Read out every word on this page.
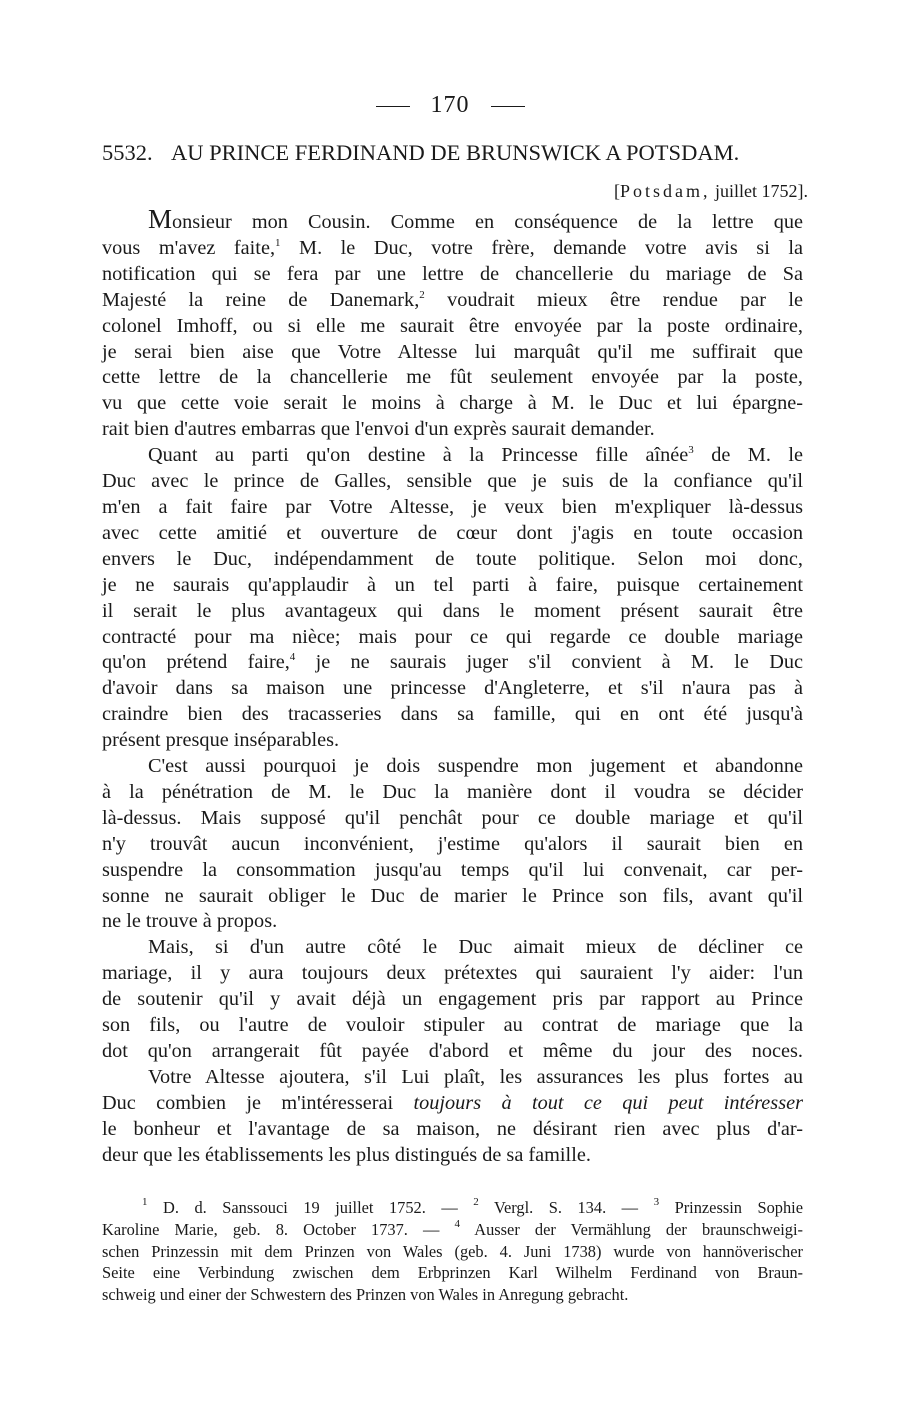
170
5532. AU PRINCE FERDINAND DE BRUNSWICK A POTSDAM.
[Potsdam, juillet 1752].
Monsieur mon Cousin. Comme en conséquence de la lettre que
vous m'avez faite,$^1$ M. le Duc, votre frère, demande votre avis si la
notification qui se fera par une lettre de chancellerie du mariage de Sa
Majesté la reine de Danemark,$^2$ voudrait mieux être rendue par le
colonel Imhoff, ou si elle me saurait être envoyée par la poste ordinaire,
je serai bien aise que Votre Altesse lui marquât qu'il me suffirait que
cette lettre de la chancellerie me fût seulement envoyée par la poste,
vu que cette voie serait le moins à charge à M. le Duc et lui épargne-
rait bien d'autres embarras que l'envoi d'un exprès saurait demander.
Quant au parti qu'on destine à la Princesse fille aînée$^3$ de M. le
Duc avec le prince de Galles, sensible que je suis de la confiance qu'il
m'en a fait faire par Votre Altesse, je veux bien m'expliquer là-dessus
avec cette amitié et ouverture de cœur dont j'agis en toute occasion
envers le Duc, indépendamment de toute politique. Selon moi donc,
je ne saurais qu'applaudir à un tel parti à faire, puisque certainement
il serait le plus avantageux qui dans le moment présent saurait être
contracté pour ma nièce; mais pour ce qui regarde ce double mariage
qu'on prétend faire,$^4$ je ne saurais juger s'il convient à M. le Duc
d'avoir dans sa maison une princesse d'Angleterre, et s'il n'aura pas à
craindre bien des tracasseries dans sa famille, qui en ont été jusqu'à
présent presque inséparables.
C'est aussi pourquoi je dois suspendre mon jugement et abandonne
à la pénétration de M. le Duc la manière dont il voudra se décider
là-dessus. Mais supposé qu'il penchât pour ce double mariage et qu'il
n'y trouvât aucun inconvénient, j'estime qu'alors il saurait bien en
suspendre la consommation jusqu'au temps qu'il lui convenait, car per-
sonne ne saurait obliger le Duc de marier le Prince son fils, avant qu'il
ne le trouve à propos.
Mais, si d'un autre côté le Duc aimait mieux de décliner ce
mariage, il y aura toujours deux prétextes qui sauraient l'y aider: l'un
de soutenir qu'il y avait déjà un engagement pris par rapport au Prince
son fils, ou l'autre de vouloir stipuler au contrat de mariage que la
dot qu'on arrangerait fût payée d'abord et même du jour des noces.
Votre Altesse ajoutera, s'il Lui plaît, les assurances les plus fortes au
Duc combien je m'intéresserai toujours à tout ce qui peut intéresser
le bonheur et l'avantage de sa maison, ne désirant rien avec plus d'ar-
deur que les établissements les plus distingués de sa famille.
$^1$ D. d. Sanssouci 19 juillet 1752. — $^2$ Vergl. S. 134. — $^3$ Prinzessin Sophie
Karoline Marie, geb. 8. October 1737. — $^4$ Ausser der Vermählung der braunschweigi-
schen Prinzessin mit dem Prinzen von Wales (geb. 4. Juni 1738) wurde von hannöverischer
Seite eine Verbindung zwischen dem Erbprinzen Karl Wilhelm Ferdinand von Braun-
schweig und einer der Schwestern des Prinzen von Wales in Anregung gebracht.
